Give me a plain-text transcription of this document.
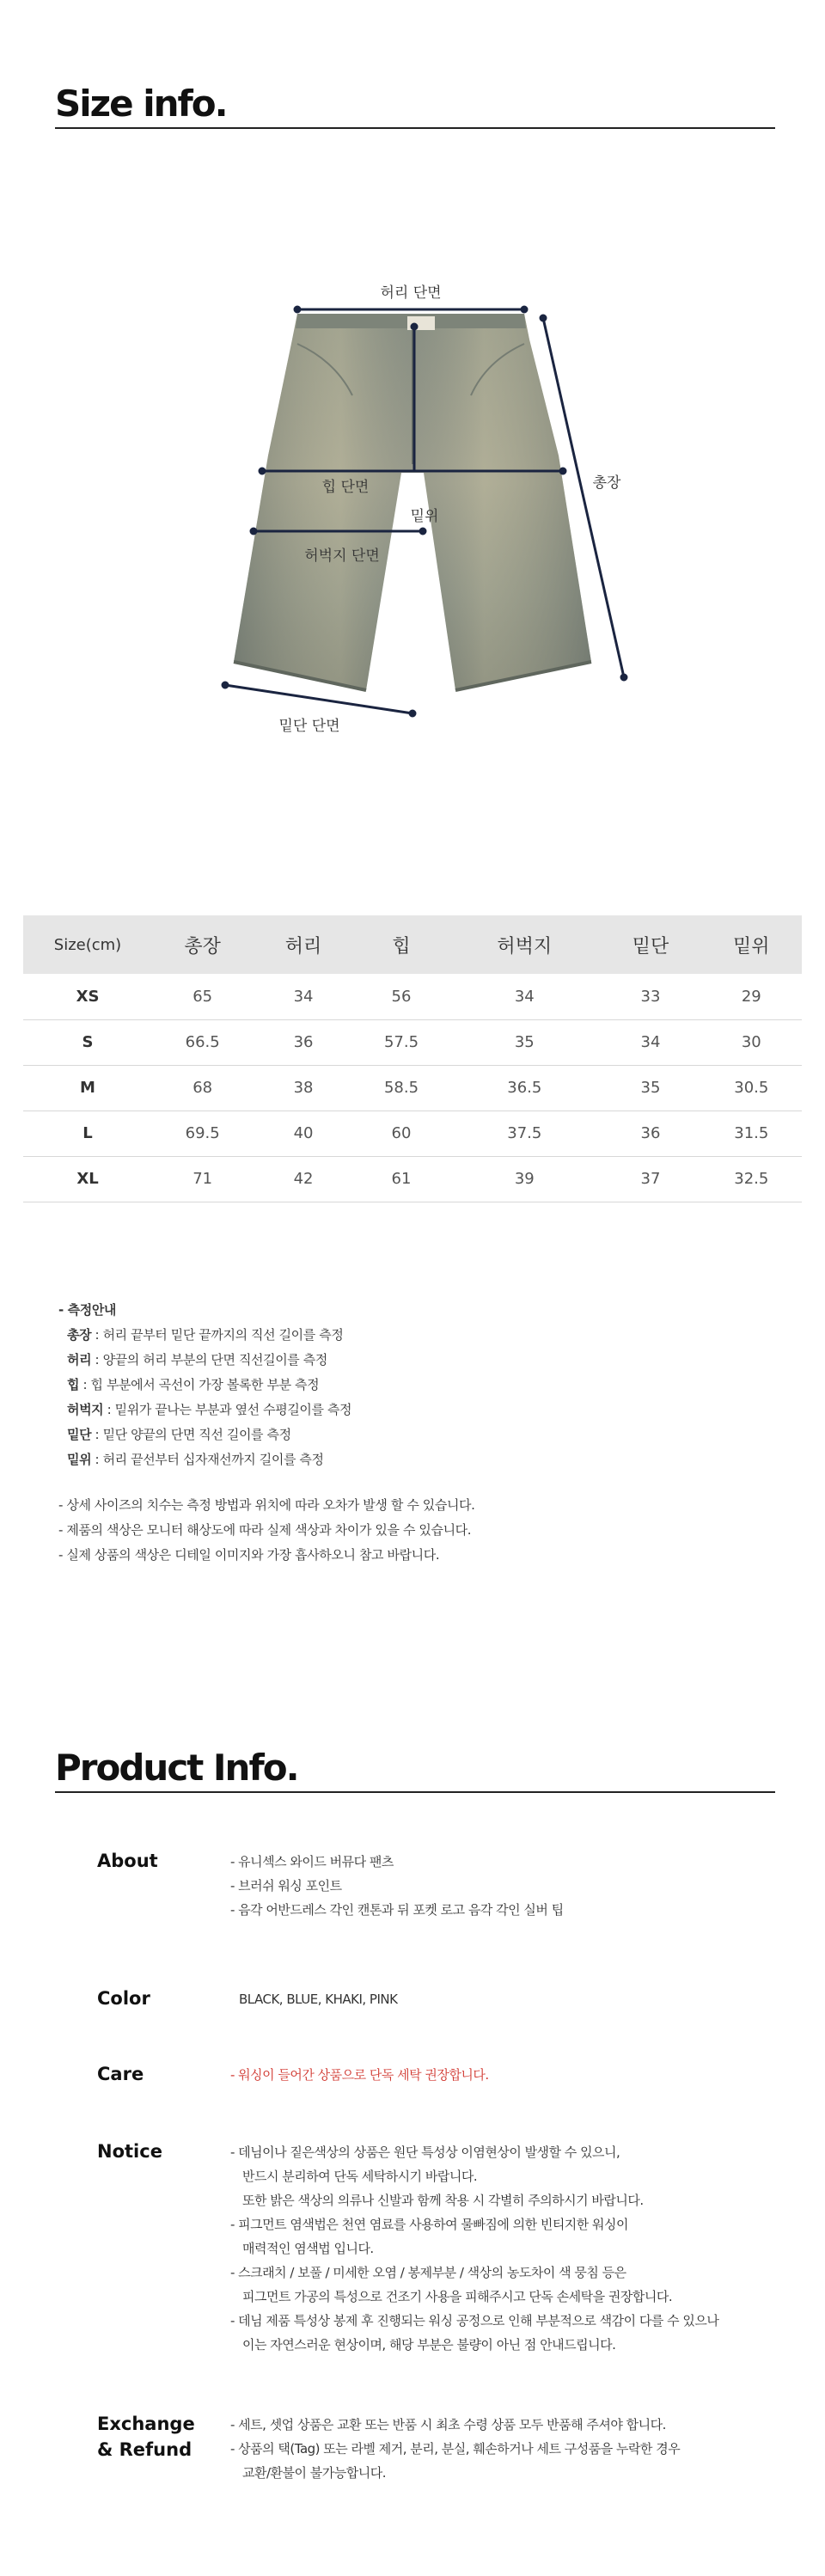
Size info.
허리 단면
힙 단면
밑위
허벅지 단면
총장
밑단 단면
Size(cm)	총장	허리	힙	허벅지	밑단	밑위
XS	65	34	56	34	33	29
S	66.5	36	57.5	35	34	30
M	68	38	58.5	36.5	35	30.5
L	69.5	40	60	37.5	36	31.5
XL	71	42	61	39	37	32.5
- 측정안내
총장 : 허리 끝부터 밑단 끝까지의 직선 길이를 측정
허리 : 양끝의 허리 부분의 단면 직선길이를 측정
힙 : 힙 부분에서 곡선이 가장 볼록한 부분 측정
허벅지 : 밑위가 끝나는 부분과 옆선 수평길이를 측정
밑단 : 밑단 양끝의 단면 직선 길이를 측정
밑위 : 허리 끝선부터 십자재선까지 길이를 측정
- 상세 사이즈의 치수는 측정 방법과 위치에 따라 오차가 발생 할 수 있습니다.
- 제품의 색상은 모니터 해상도에 따라 실제 색상과 차이가 있을 수 있습니다.
- 실제 상품의 색상은 디테일 이미지와 가장 흡사하오니 참고 바랍니다.
Product Info.
About	- 유니섹스 와이드 버뮤다 팬츠
- 브러쉬 워싱 포인트
- 음각 어반드레스 각인 캔톤과 뒤 포켓 로고 음각 각인 실버 팁
Color	BLACK, BLUE, KHAKI, PINK
Care	- 워싱이 들어간 상품으로 단독 세탁 권장합니다.
Notice	- 데님이나 짙은색상의 상품은 원단 특성상 이염현상이 발생할 수 있으니,
반드시 분리하여 단독 세탁하시기 바랍니다.
또한 밝은 색상의 의류나 신발과 함께 착용 시 각별히 주의하시기 바랍니다.
- 피그먼트 염색법은 천연 염료를 사용하여 물빠짐에 의한 빈티지한 워싱이
매력적인 염색법 입니다.
- 스크래치 / 보풀 / 미세한 오염 / 봉제부분 / 색상의 농도차이 색 뭉침 등은
피그먼트 가공의 특성으로 건조기 사용을 피해주시고 단독 손세탁을 권장합니다.
- 데님 제품 특성상 봉제 후 진행되는 워싱 공정으로 인해 부분적으로 색감이 다를 수 있으나
이는 자연스러운 현상이며, 해당 부분은 불량이 아닌 점 안내드립니다.
Exchange
& Refund
- 세트, 셋업 상품은 교환 또는 반품 시 최초 수령 상품 모두 반품해 주셔야 합니다.
- 상품의 택(Tag) 또는 라벨 제거, 분리, 분실, 훼손하거나 세트 구성품을 누락한 경우
교환/환불이 불가능합니다.
